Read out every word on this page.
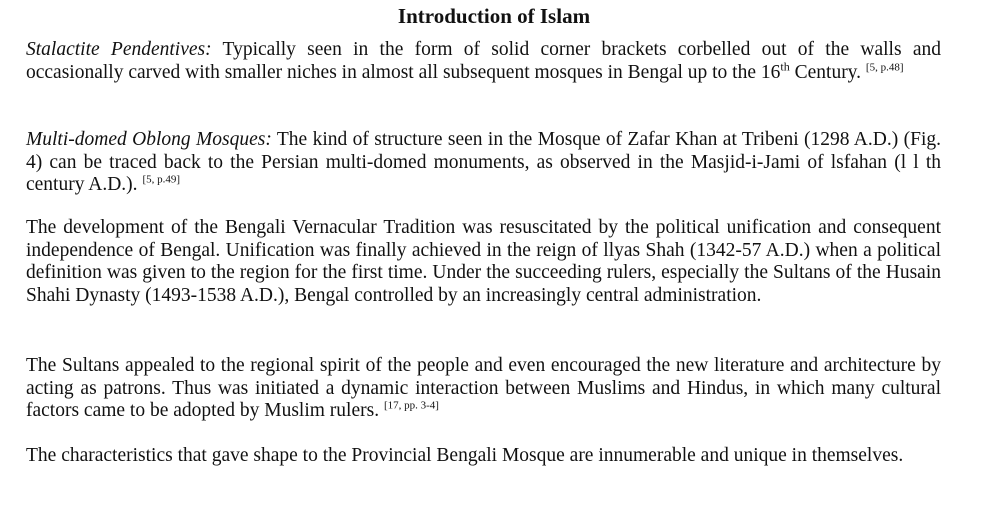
Introduction of Islam

Stalactite Pendentives: Typically seen in the form of solid corner brackets corbelled out of the walls and occasionally carved with smaller niches in almost all subsequent mosques in Bengal up to the 16th Century. [5, p.48]

Multi-domed Oblong Mosques: The kind of structure seen in the Mosque of Zafar Khan at Tribeni (1298 A.D.) (Fig. 4) can be traced back to the Persian multi-domed monuments, as observed in the Masjid-i-Jami of lsfahan (l l th century A.D.). [5, p.49]

The development of the Bengali Vernacular Tradition was resuscitated by the political unification and consequent independence of Bengal. Unification was finally achieved in the reign of llyas Shah (1342-57 A.D.) when a political definition was given to the region for the first time. Under the succeeding rulers, especially the Sultans of the Husain Shahi Dynasty (1493-1538 A.D.), Bengal controlled by an increasingly central administration.

The Sultans appealed to the regional spirit of the people and even encouraged the new literature and architecture by acting as patrons. Thus was initiated a dynamic interaction between Muslims and Hindus, in which many cultural factors came to be adopted by Muslim rulers. [17, pp. 3-4]

The characteristics that gave shape to the Provincial Bengali Mosque are innumerable and unique in themselves.
